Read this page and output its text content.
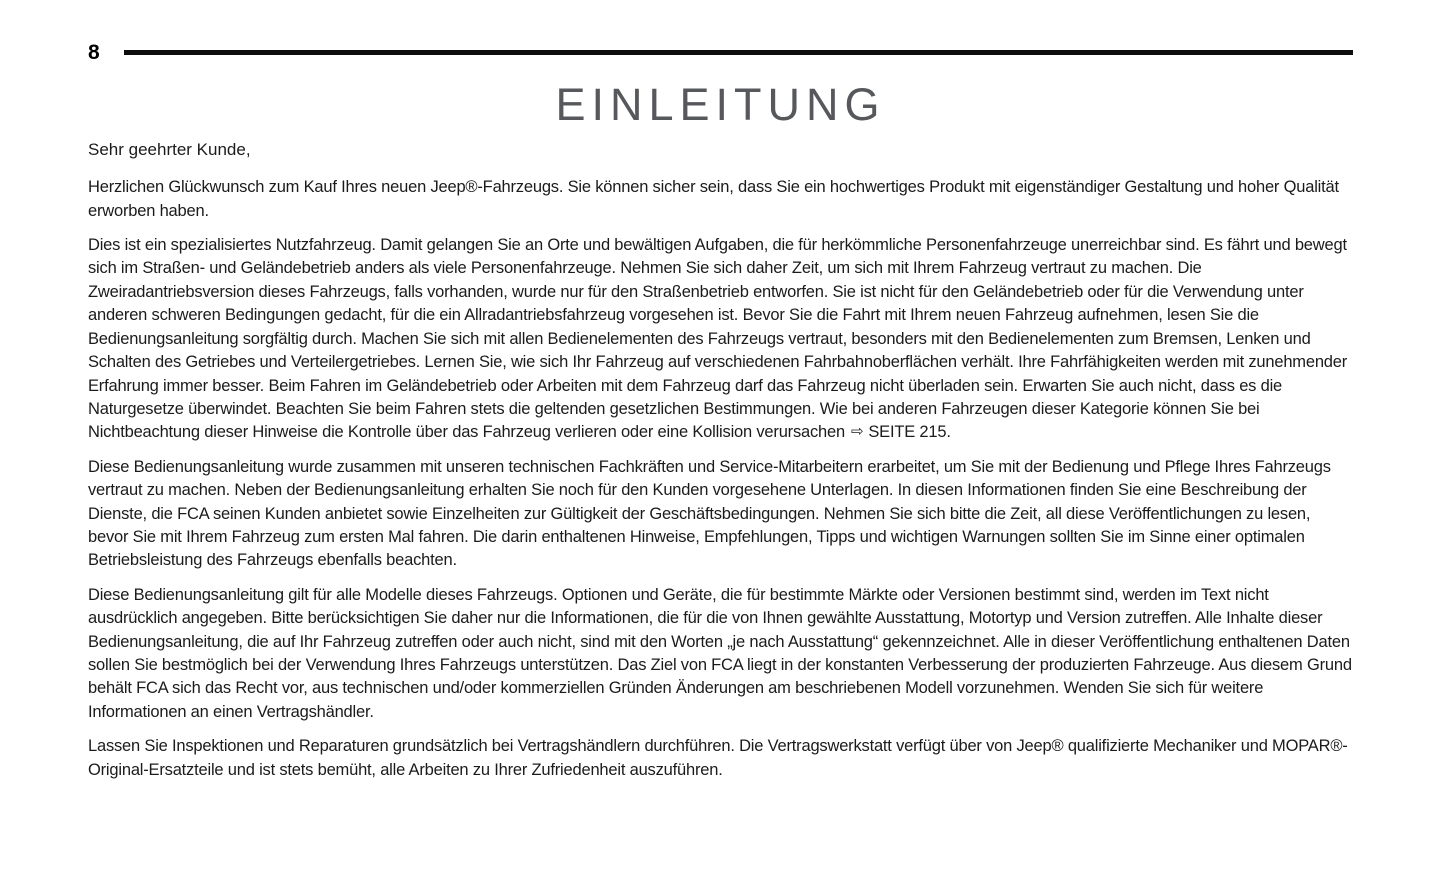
8
EINLEITUNG
Sehr geehrter Kunde,

Herzlichen Glückwunsch zum Kauf Ihres neuen Jeep®-Fahrzeugs. Sie können sicher sein, dass Sie ein hochwertiges Produkt mit eigenständiger Gestaltung und hoher Qualität erworben haben.

Dies ist ein spezialisiertes Nutzfahrzeug. Damit gelangen Sie an Orte und bewältigen Aufgaben, die für herkömmliche Personenfahrzeuge unerreichbar sind. Es fährt und bewegt sich im Straßen- und Geländebetrieb anders als viele Personenfahrzeuge. Nehmen Sie sich daher Zeit, um sich mit Ihrem Fahrzeug vertraut zu machen. Die Zweiradantriebsversion dieses Fahrzeugs, falls vorhanden, wurde nur für den Straßenbetrieb entworfen. Sie ist nicht für den Geländebetrieb oder für die Verwendung unter anderen schweren Bedingungen gedacht, für die ein Allradantriebsfahrzeug vorgesehen ist. Bevor Sie die Fahrt mit Ihrem neuen Fahrzeug aufnehmen, lesen Sie die Bedienungsanleitung sorgfältig durch. Machen Sie sich mit allen Bedienelementen des Fahrzeugs vertraut, besonders mit den Bedienelementen zum Bremsen, Lenken und Schalten des Getriebes und Verteilergetriebes. Lernen Sie, wie sich Ihr Fahrzeug auf verschiedenen Fahrbahnoberflächen verhält. Ihre Fahrfähigkeiten werden mit zunehmender Erfahrung immer besser. Beim Fahren im Geländebetrieb oder Arbeiten mit dem Fahrzeug darf das Fahrzeug nicht überladen sein. Erwarten Sie auch nicht, dass es die Naturgesetze überwindet. Beachten Sie beim Fahren stets die geltenden gesetzlichen Bestimmungen. Wie bei anderen Fahrzeugen dieser Kategorie können Sie bei Nichtbeachtung dieser Hinweise die Kontrolle über das Fahrzeug verlieren oder eine Kollision verursachen ⇨ SEITE 215.

Diese Bedienungsanleitung wurde zusammen mit unseren technischen Fachkräften und Service-Mitarbeitern erarbeitet, um Sie mit der Bedienung und Pflege Ihres Fahrzeugs vertraut zu machen. Neben der Bedienungsanleitung erhalten Sie noch für den Kunden vorgesehene Unterlagen. In diesen Informationen finden Sie eine Beschreibung der Dienste, die FCA seinen Kunden anbietet sowie Einzelheiten zur Gültigkeit der Geschäftsbedingungen. Nehmen Sie sich bitte die Zeit, all diese Veröffentlichungen zu lesen, bevor Sie mit Ihrem Fahrzeug zum ersten Mal fahren. Die darin enthaltenen Hinweise, Empfehlungen, Tipps und wichtigen Warnungen sollten Sie im Sinne einer optimalen Betriebsleistung des Fahrzeugs ebenfalls beachten.

Diese Bedienungsanleitung gilt für alle Modelle dieses Fahrzeugs. Optionen und Geräte, die für bestimmte Märkte oder Versionen bestimmt sind, werden im Text nicht ausdrücklich angegeben. Bitte berücksichtigen Sie daher nur die Informationen, die für die von Ihnen gewählte Ausstattung, Motortyp und Version zutreffen. Alle Inhalte dieser Bedienungsanleitung, die auf Ihr Fahrzeug zutreffen oder auch nicht, sind mit den Worten „je nach Ausstattung“ gekennzeichnet. Alle in dieser Veröffentlichung enthaltenen Daten sollen Sie bestmöglich bei der Verwendung Ihres Fahrzeugs unterstützen. Das Ziel von FCA liegt in der konstanten Verbesserung der produzierten Fahrzeuge. Aus diesem Grund behält FCA sich das Recht vor, aus technischen und/oder kommerziellen Gründen Änderungen am beschriebenen Modell vorzunehmen. Wenden Sie sich für weitere Informationen an einen Vertragshändler.

Lassen Sie Inspektionen und Reparaturen grundsätzlich bei Vertragshändlern durchführen. Die Vertragswerkstatt verfügt über von Jeep® qualifizierte Mechaniker und MOPAR®-Original-Ersatzteile und ist stets bemüht, alle Arbeiten zu Ihrer Zufriedenheit auszuführen.
